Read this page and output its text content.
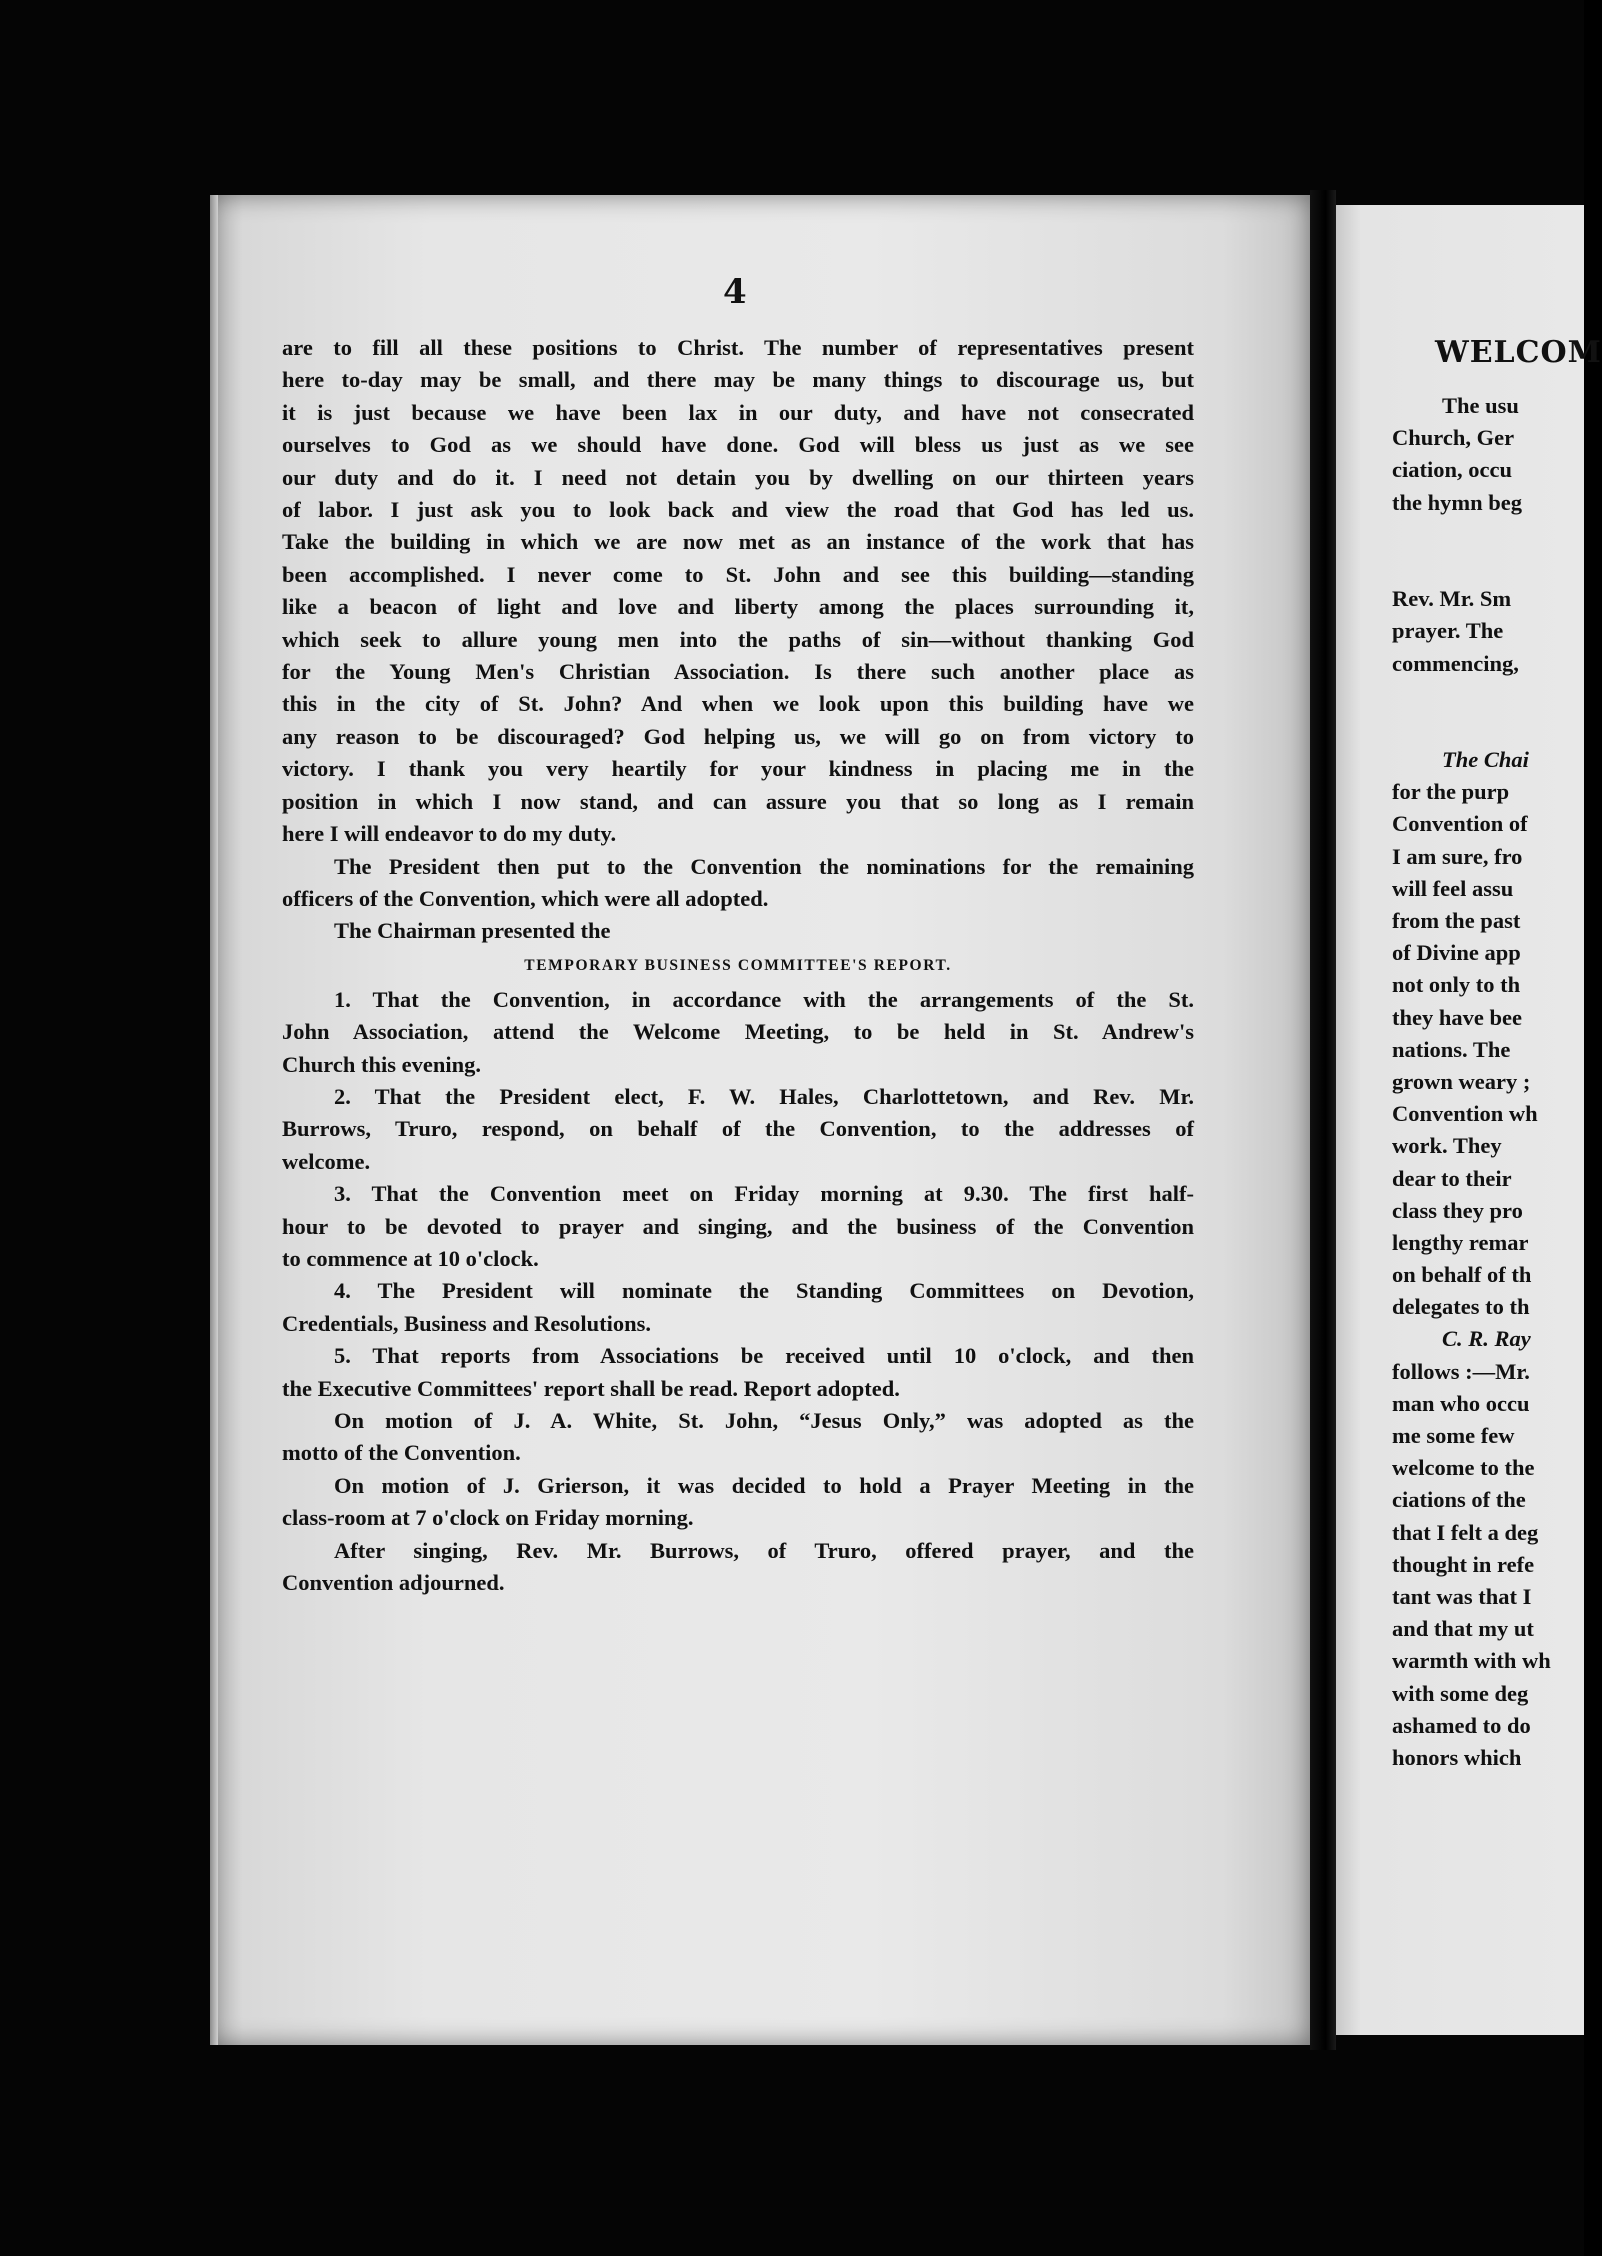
4
are to fill all these positions to Christ. The number of representatives present
here to-day may be small, and there may be many things to discourage us, but
it is just because we have been lax in our duty, and have not consecrated
ourselves to God as we should have done. God will bless us just as we see
our duty and do it. I need not detain you by dwelling on our thirteen years
of labor. I just ask you to look back and view the road that God has led us.
Take the building in which we are now met as an instance of the work that has
been accomplished. I never come to St. John and see this building—standing
like a beacon of light and love and liberty among the places surrounding it,
which seek to allure young men into the paths of sin—without thanking God
for the Young Men's Christian Association. Is there such another place as
this in the city of St. John? And when we look upon this building have we
any reason to be discouraged? God helping us, we will go on from victory to
victory. I thank you very heartily for your kindness in placing me in the
position in which I now stand, and can assure you that so long as I remain
here I will endeavor to do my duty.
The President then put to the Convention the nominations for the remaining
officers of the Convention, which were all adopted.
The Chairman presented the
TEMPORARY BUSINESS COMMITTEE'S REPORT.
1. That the Convention, in accordance with the arrangements of the St.
John Association, attend the Welcome Meeting, to be held in St. Andrew's
Church this evening.
2. That the President elect, F. W. Hales, Charlottetown, and Rev. Mr.
Burrows, Truro, respond, on behalf of the Convention, to the addresses of
welcome.
3. That the Convention meet on Friday morning at 9.30. The first half-
hour to be devoted to prayer and singing, and the business of the Convention
to commence at 10 o'clock.
4. The President will nominate the Standing Committees on Devotion,
Credentials, Business and Resolutions.
5. That reports from Associations be received until 10 o'clock, and then
the Executive Committees' report shall be read. Report adopted.
On motion of J. A. White, St. John, “Jesus Only,” was adopted as the
motto of the Convention.
On motion of J. Grierson, it was decided to hold a Prayer Meeting in the
class-room at 7 o'clock on Friday morning.
After singing, Rev. Mr. Burrows, of Truro, offered prayer, and the
Convention adjourned.
WELCOM
The usu
Church, Ger
ciation, occu
the hymn beg
Rev. Mr. Sm
prayer. The
commencing,
The Chai
for the purp
Convention of
I am sure, fro
will feel assu
from the past
of Divine app
not only to th
they have bee
nations. The
grown weary ;
Convention wh
work. They
dear to their
class they pro
lengthy remar
on behalf of th
delegates to th
C. R. Ray
follows :—Mr.
man who occu
me some few
welcome to the
ciations of the
that I felt a deg
thought in refe
tant was that I
and that my ut
warmth with wh
with some deg
ashamed to do
honors which
